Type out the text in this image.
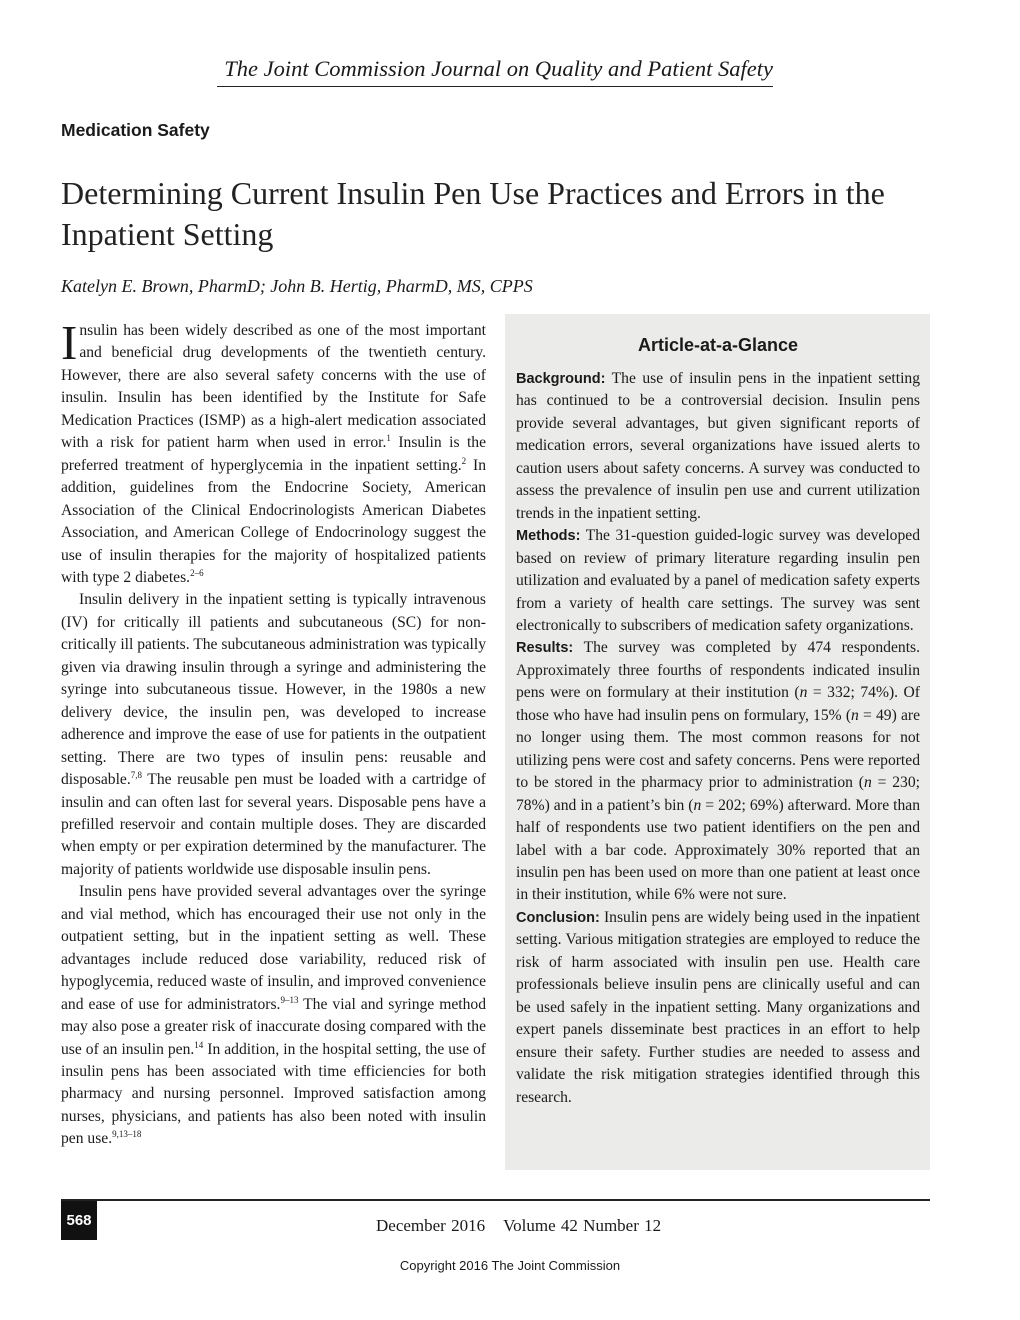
The Joint Commission Journal on Quality and Patient Safety
Medication Safety
Determining Current Insulin Pen Use Practices and Errors in the Inpatient Setting
Katelyn E. Brown, PharmD; John B. Hertig, PharmD, MS, CPPS

Insulin has been widely described as one of the most important and beneficial drug developments of the twentieth century. However, there are also several safety concerns with the use of insulin. Insulin has been identified by the Institute for Safe Medication Practices (ISMP) as a high-alert medication associated with a risk for patient harm when used in error.$^1$ Insulin is the preferred treatment of hyperglycemia in the inpatient setting.$^2$ In addition, guidelines from the Endocrine Society, American Association of the Clinical Endocrinologists American Diabetes Association, and American College of Endocrinology suggest the use of insulin therapies for the majority of hospitalized patients with type 2 diabetes.$^{2-6}$

Insulin delivery in the inpatient setting is typically intravenous (IV) for critically ill patients and subcutaneous (SC) for non-critically ill patients. The subcutaneous administration was typically given via drawing insulin through a syringe and administering the syringe into subcutaneous tissue. However, in the 1980s a new delivery device, the insulin pen, was developed to increase adherence and improve the ease of use for patients in the outpatient setting. There are two types of insulin pens: reusable and disposable.$^{7,8}$ The reusable pen must be loaded with a cartridge of insulin and can often last for several years. Disposable pens have a prefilled reservoir and contain multiple doses. They are discarded when empty or per expiration determined by the manufacturer. The majority of patients worldwide use disposable insulin pens.

Insulin pens have provided several advantages over the syringe and vial method, which has encouraged their use not only in the outpatient setting, but in the inpatient setting as well. These advantages include reduced dose variability, reduced risk of hypoglycemia, reduced waste of insulin, and improved convenience and ease of use for administrators.$^{9-13}$ The vial and syringe method may also pose a greater risk of inaccurate dosing compared with the use of an insulin pen.$^{14}$ In addition, in the hospital setting, the use of insulin pens has been associated with time efficiencies for both pharmacy and nursing personnel. Improved satisfaction among nurses, physicians, and patients has also been noted with insulin pen use.$^{9,13-18}$

Article-at-a-Glance

Background: The use of insulin pens in the inpatient setting has continued to be a controversial decision. Insulin pens provide several advantages, but given significant reports of medication errors, several organizations have issued alerts to caution users about safety concerns. A survey was conducted to assess the prevalence of insulin pen use and current utilization trends in the inpatient setting.

Methods: The 31-question guided-logic survey was developed based on review of primary literature regarding insulin pen utilization and evaluated by a panel of medication safety experts from a variety of health care settings. The survey was sent electronically to subscribers of medication safety organizations.

Results: The survey was completed by 474 respondents. Approximately three fourths of respondents indicated insulin pens were on formulary at their institution (n = 332; 74%). Of those who have had insulin pens on formulary, 15% (n = 49) are no longer using them. The most common reasons for not utilizing pens were cost and safety concerns. Pens were reported to be stored in the pharmacy prior to administration (n = 230; 78%) and in a patient’s bin (n = 202; 69%) afterward. More than half of respondents use two patient identifiers on the pen and label with a bar code. Approximately 30% reported that an insulin pen has been used on more than one patient at least once in their institution, while 6% were not sure.

Conclusion: Insulin pens are widely being used in the inpatient setting. Various mitigation strategies are employed to reduce the risk of harm associated with insulin pen use. Health care professionals believe insulin pens are clinically useful and can be used safely in the inpatient setting. Many organizations and expert panels disseminate best practices in an effort to help ensure their safety. Further studies are needed to assess and validate the risk mitigation strategies identified through this research.

568	December 2016 Volume 42 Number 12
Copyright 2016 The Joint Commission
